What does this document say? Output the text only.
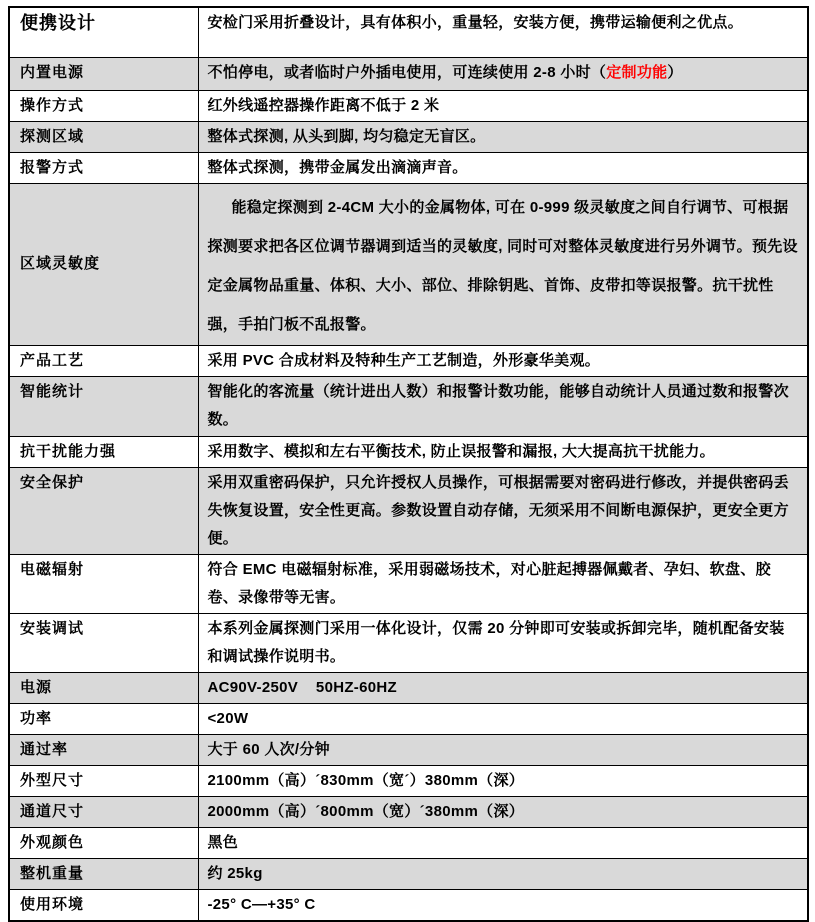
便携设计	安检门采用折叠设计，具有体积小，重量轻，安装方便，携带运输便利之优点。
内置电源	不怕停电，或者临时户外插电使用，可连续使用 2-8 小时（定制功能）
操作方式	红外线遥控器操作距离不低于 2 米
探测区域	整体式探测, 从头到脚, 均匀稳定无盲区。
报警方式	整体式探测，携带金属发出滴滴声音。
区域灵敏度	能稳定探测到 2-4CM 大小的金属物体, 可在 0-999 级灵敏度之间自行调节、可根据探测要求把各区位调节器调到适当的灵敏度, 同时可对整体灵敏度进行另外调节。预先设定金属物品重量、体积、大小、部位、排除钥匙、首饰、皮带扣等误报警。抗干扰性强，手拍门板不乱报警。
产品工艺	采用 PVC 合成材料及特种生产工艺制造，外形豪华美观。
智能统计	智能化的客流量（统计进出人数）和报警计数功能，能够自动统计人员通过数和报警次数。
抗干扰能力强	采用数字、模拟和左右平衡技术, 防止误报警和漏报, 大大提高抗干扰能力。
安全保护	采用双重密码保护，只允许授权人员操作，可根据需要对密码进行修改，并提供密码丢失恢复设置，安全性更高。参数设置自动存储，无须采用不间断电源保护，更安全更方便。
电磁辐射	符合 EMC 电磁辐射标准，采用弱磁场技术，对心脏起搏器佩戴者、孕妇、软盘、胶卷、录像带等无害。
安装调试	本系列金属探测门采用一体化设计，仅需 20 分钟即可安装或拆卸完毕，随机配备安装和调试操作说明书。
电源	AC90V-250V    50HZ-60HZ
功率	<20W
通过率	大于 60 人次/分钟
外型尺寸	2100mm（高）´830mm（宽´）380mm（深）
通道尺寸	2000mm（高）´800mm（宽）´380mm（深）
外观颜色	黑色
整机重量	约 25kg
使用环境	-25° C—+35° C
